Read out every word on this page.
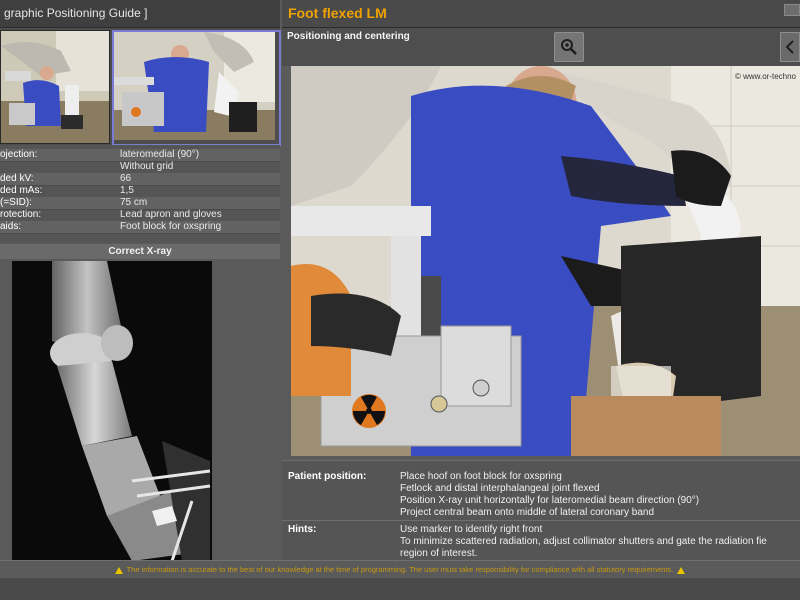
graphic Positioning Guide ]	Foot flexed LM
ojection:	lateromedial (90°)
Without grid
ded kV:	66
ded mAs:	1,5
(=SID):	75 cm
rotection:	Lead apron and gloves
aids:	Foot block for oxspring
Correct X-ray
Positioning and centering
© www.or-techno
Patient position:	Place hoof on foot block for oxspring
Fetlock and distal interphalangeal joint flexed
Position X-ray unit horizontally for lateromedial beam direction (90°)
Project central beam onto middle of lateral coronary band
Hints:	Use marker to identify right front
To minimize scattered radiation, adjust collimator shutters and gate the radiation fie
region of interest.
The information is accurate to the best of our knowledge at the time of programming. The user must take responsibility for compliance with all statutory requirements.
